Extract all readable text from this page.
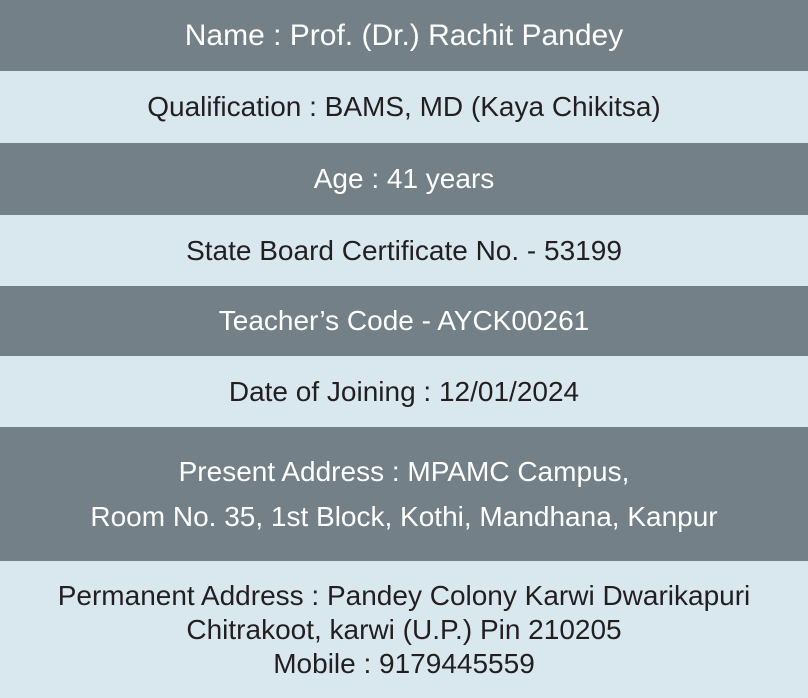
Name : Prof. (Dr.) Rachit Pandey
Qualification : BAMS, MD (Kaya Chikitsa)
Age : 41 years
State Board Certificate No. - 53199
Teacher’s Code - AYCK00261
Date of Joining : 12/01/2024
Present Address : MPAMC Campus,
Room No. 35, 1st Block, Kothi, Mandhana, Kanpur
Permanent Address : Pandey Colony Karwi Dwarikapuri
Chitrakoot, karwi (U.P.) Pin 210205
Mobile : 9179445559
